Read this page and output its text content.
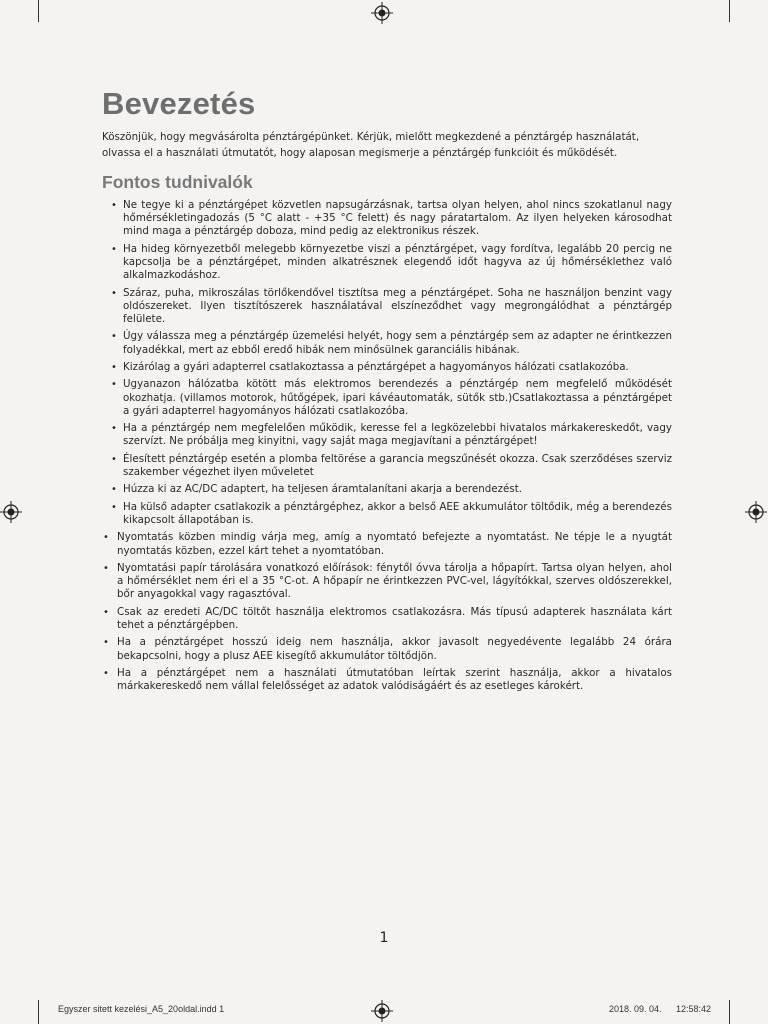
Bevezetés

Köszönjük, hogy megvásárolta pénztárgépünket. Kérjük, mielőtt megkezdené a pénztárgép használatát, olvassa el a használati útmutatót, hogy alaposan megismerje a pénztárgép funkcióit és működését.

Fontos tudnivalók
• Ne tegye ki a pénztárgépet közvetlen napsugárzásnak, tartsa olyan helyen, ahol nincs szokatlanul nagy hőmérsékletingadozás (5 °C alatt - +35 °C felett) és nagy páratartalom. Az ilyen helyeken károsodhat mind maga a pénztárgép doboza, mind pedig az elektronikus részek.
• Ha hideg környezetből melegebb környezetbe viszi a pénztárgépet, vagy fordítva, legalább 20 percig ne kapcsolja be a pénztárgépet, minden alkatrésznek elegendő időt hagyva az új hőmérséklethez való alkalmazkodáshoz.
• Száraz, puha, mikroszálas törlőkendővel tisztítsa meg a pénztárgépet. Soha ne használjon benzint vagy oldószereket. Ilyen tisztítószerek használatával elszíneződhet vagy megrongálódhat a pénztárgép felülete.
• Úgy válassza meg a pénztárgép üzemelési helyét, hogy sem a pénztárgép sem az adapter ne érintkezzen folyadékkal, mert az ebből eredő hibák nem minősülnek garanciális hibának.
• Kizárólag a gyári adapterrel csatlakoztassa a pénztárgépet a hagyományos hálózati csatlakozóba.
• Ugyanazon hálózatba kötött más elektromos berendezés a pénztárgép nem megfelelő működését okozhatja. (villamos motorok, hűtőgépek, ipari kávéautomaták, sütők stb.)Csatlakoztassa a pénztárgépet a gyári adapterrel hagyományos hálózati csatlakozóba.
• Ha a pénztárgép nem megfelelően működik, keresse fel a legközelebbi hivatalos márkakereskedőt, vagy szervízt. Ne próbálja meg kinyitni, vagy saját maga megjavítani a pénztárgépet!
• Élesített pénztárgép esetén a plomba feltörése a garancia megszűnését okozza. Csak szerződéses szerviz szakember végezhet ilyen műveletet
• Húzza ki az AC/DC adaptert, ha teljesen áramtalanítani akarja a berendezést.
• Ha külső adapter csatlakozik a pénztárgéphez, akkor a belső AEE akkumulátor töltődik, még a berendezés kikapcsolt állapotában is.
• Nyomtatás közben mindig várja meg, amíg a nyomtató befejezte a nyomtatást. Ne tépje le a nyugtát nyomtatás közben, ezzel kárt tehet a nyomtatóban.
• Nyomtatási papír tárolására vonatkozó előírások: fénytől óvva tárolja a hőpapírt. Tartsa olyan helyen, ahol a hőmérséklet nem éri el a 35 °C-ot. A hőpapír ne érintkezzen PVC-vel, lágyítókkal, szerves oldószerekkel, bőr anyagokkal vagy ragasztóval.
• Csak az eredeti AC/DC töltőt használja elektromos csatlakozásra. Más típusú adapterek használata kárt tehet a pénztárgépben.
• Ha a pénztárgépet hosszú ideig nem használja, akkor javasolt negyedévente legalább 24 órára bekapcsolni, hogy a plusz AEE kisegítő akkumulátor töltődjön.
• Ha a pénztárgépet nem a használati útmutatóban leírtak szerint használja, akkor a hivatalos márkakereskedő nem vállal felelősséget az adatok valódiságáért és az esetleges károkért.
1
Egyszer sitett kezelési_A5_20oldal.indd 1	2018. 09. 04. 12:58:42
